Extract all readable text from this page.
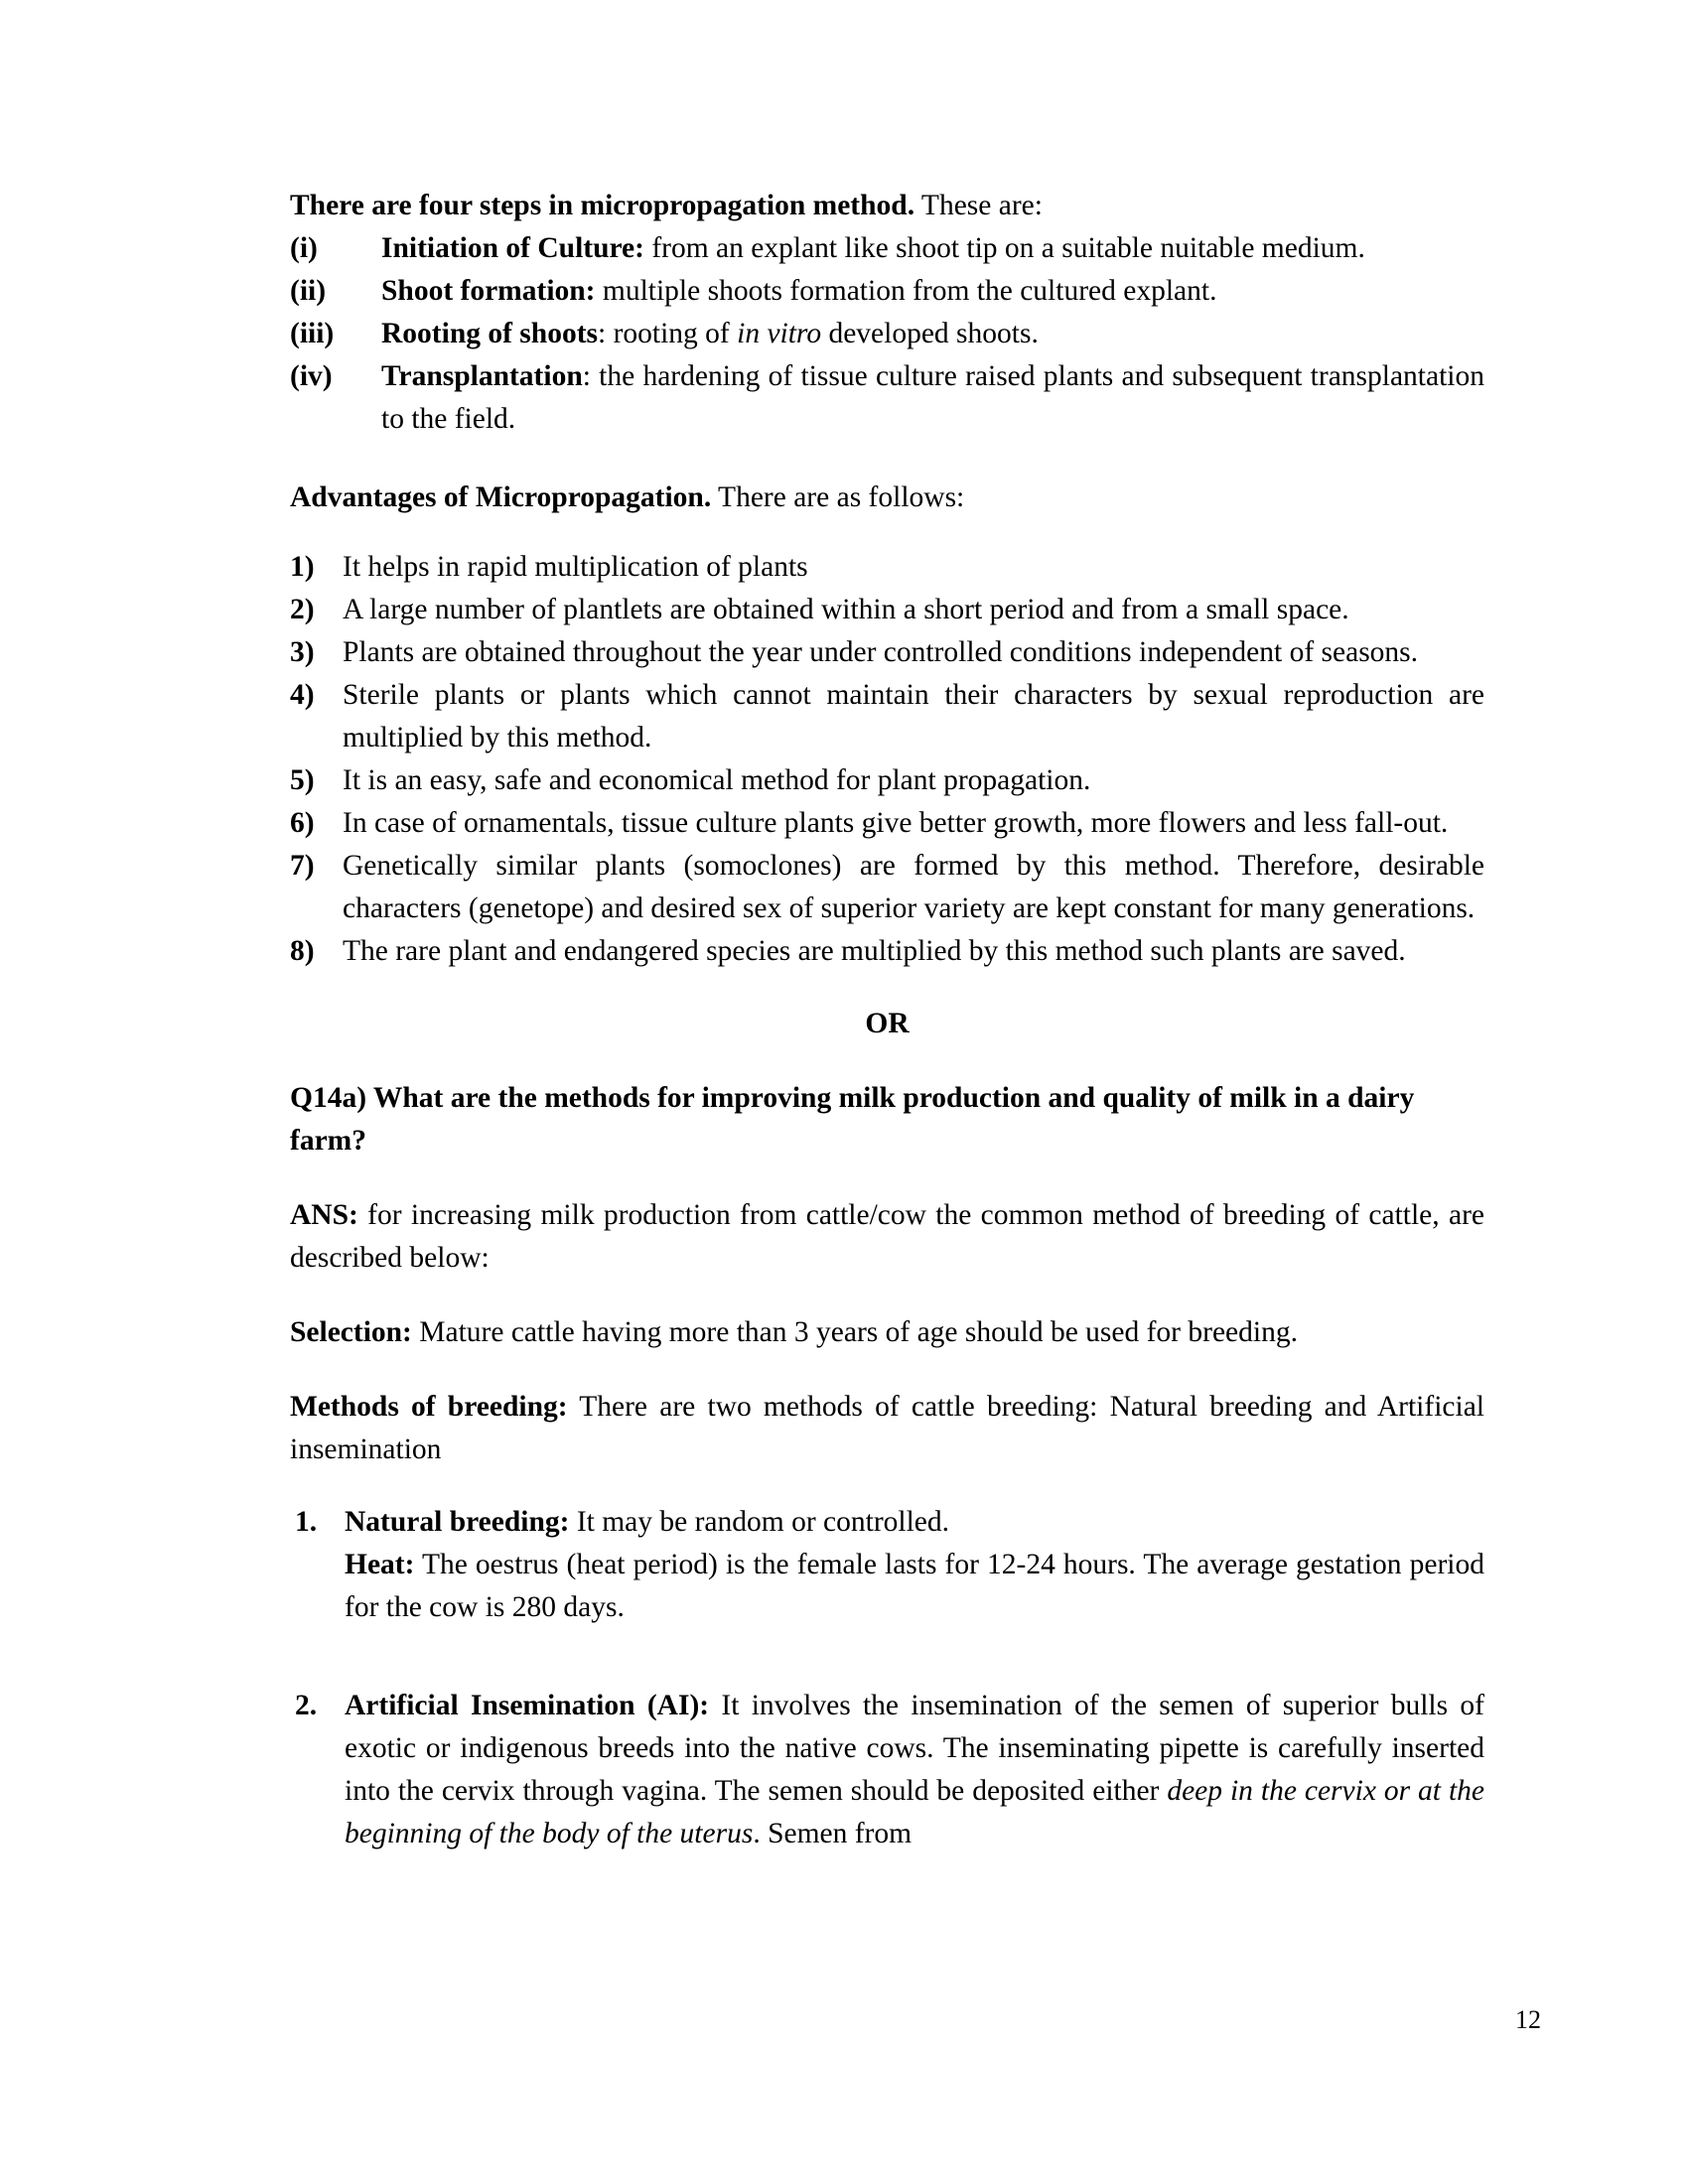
There are four steps in micropropagation method. These are:

(i) Initiation of Culture: from an explant like shoot tip on a suitable nuitable medium.
(ii) Shoot formation: multiple shoots formation from the cultured explant.
(iii) Rooting of shoots: rooting of in vitro developed shoots.
(iv) Transplantation: the hardening of tissue culture raised plants and subsequent transplantation to the field.

Advantages of Micropropagation. There are as follows:

1) It helps in rapid multiplication of plants
2) A large number of plantlets are obtained within a short period and from a small space.
3) Plants are obtained throughout the year under controlled conditions independent of seasons.
4) Sterile plants or plants which cannot maintain their characters by sexual reproduction are multiplied by this method.
5) It is an easy, safe and economical method for plant propagation.
6) In case of ornamentals, tissue culture plants give better growth, more flowers and less fall-out.
7) Genetically similar plants (somoclones) are formed by this method. Therefore, desirable characters (genetope) and desired sex of superior variety are kept constant for many generations.
8) The rare plant and endangered species are multiplied by this method such plants are saved.
OR

Q14a) What are the methods for improving milk production and quality of milk in a dairy farm?

ANS: for increasing milk production from cattle/cow the common method of breeding of cattle, are described below:

Selection: Mature cattle having more than 3 years of age should be used for breeding.

Methods of breeding: There are two methods of cattle breeding: Natural breeding and Artificial insemination

1. Natural breeding: It may be random or controlled.
Heat: The oestrus (heat period) is the female lasts for 12-24 hours. The average gestation period for the cow is 280 days.
2. Artificial Insemination (AI): It involves the insemination of the semen of superior bulls of exotic or indigenous breeds into the native cows. The inseminating pipette is carefully inserted into the cervix through vagina. The semen should be deposited either deep in the cervix or at the beginning of the body of the uterus. Semen from
12
